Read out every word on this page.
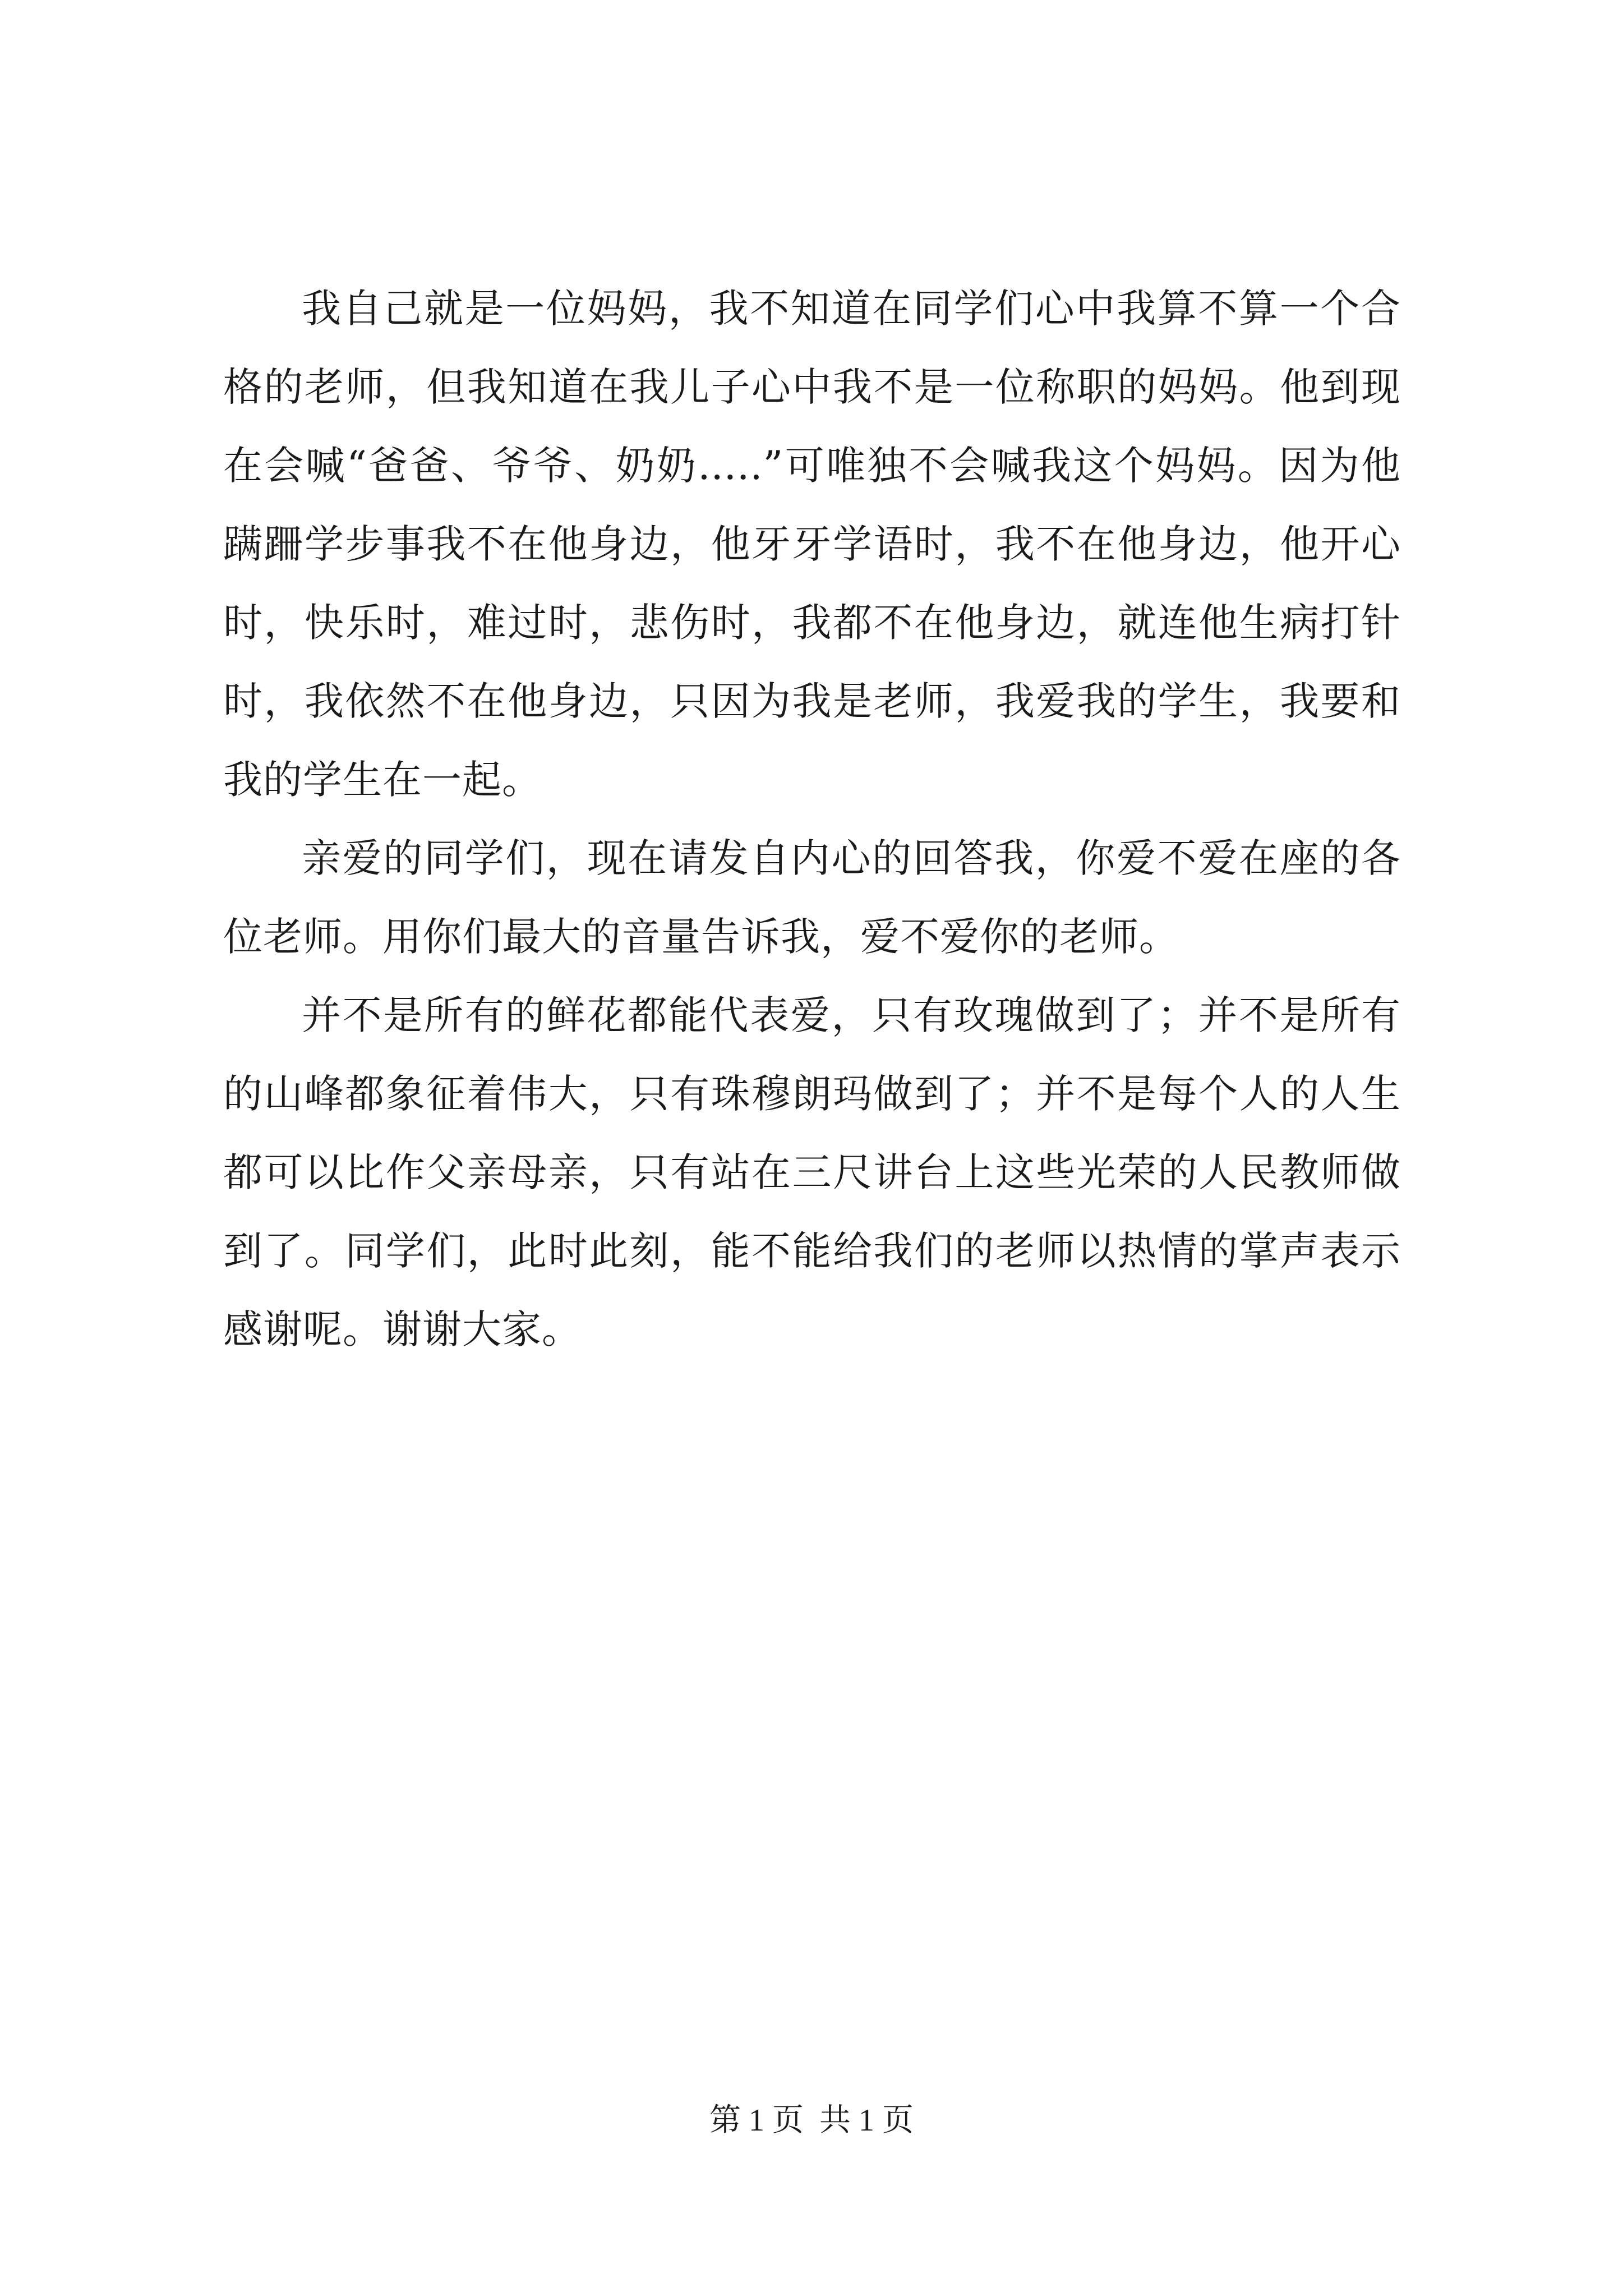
我自己就是一位妈妈，我不知道在同学们心中我算不算一个合格的老师，但我知道在我儿子心中我不是一位称职的妈妈。他到现在会喊“爸爸、爷爷、奶奶.....”可唯独不会喊我这个妈妈。因为他蹒跚学步事我不在他身边，他牙牙学语时，我不在他身边，他开心时，快乐时，难过时，悲伤时，我都不在他身边，就连他生病打针时，我依然不在他身边，只因为我是老师，我爱我的学生，我要和我的学生在一起。

亲爱的同学们，现在请发自内心的回答我，你爱不爱在座的各位老师。用你们最大的音量告诉我，爱不爱你的老师。

并不是所有的鲜花都能代表爱，只有玫瑰做到了；并不是所有的山峰都象征着伟大，只有珠穆朗玛做到了；并不是每个人的人生都可以比作父亲母亲，只有站在三尺讲台上这些光荣的人民教师做到了。同学们，此时此刻，能不能给我们的老师以热情的掌声表示感谢呢。谢谢大家。

第 1 页  共 1 页
